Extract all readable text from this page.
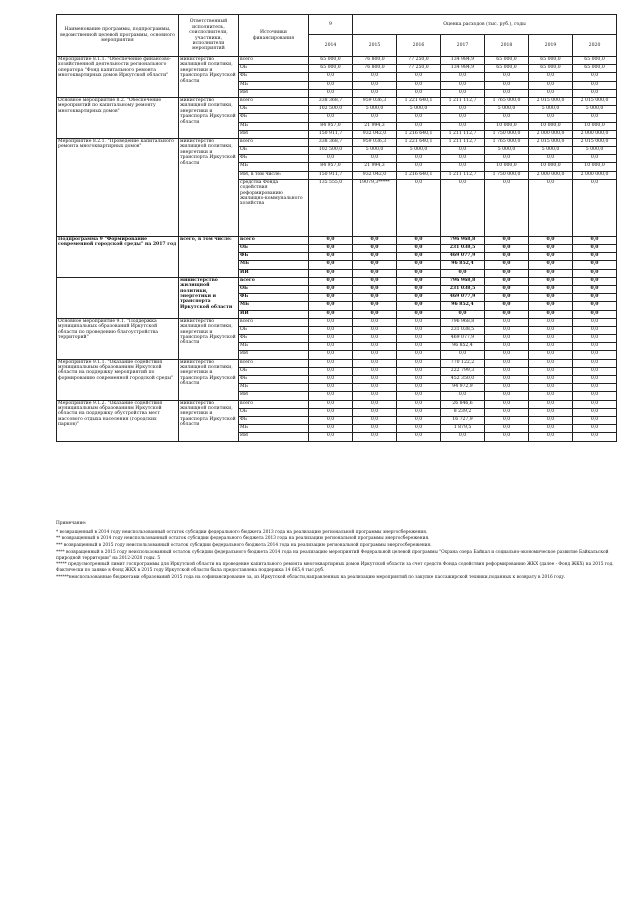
Наименование программы, подпрограммы, ведомственной целевой программы, основного мероприятия	Ответственный исполнитель, соисполнители, участники, исполнители мероприятий	Источники финансирования	9	Оценка расходов (тыс. руб.), годы					
			2014	2015	2016	2017	2018	2019	2020
Мероприятие 8.1.1. "Обеспечение финансово-хозяйственной деятельности регионального оператора "Фонд капитального ремонта многоквартирных домов Иркутской области"	министерство жилищной политики, энергетики и транспорта Иркутской области	всего	65 000,0	76 800,0	77 250,0	134 984,9	65 000,0	65 000,0	65 000,0
		ОБ	65 000,0	76 800,0	77 250,0	134 984,9	65 000,0	65 000,0	65 000,0
		ФБ	0,0	0,0	0,0	0,0	0,0	0,0	0,0
		МБ	0,0	0,0	0,0	0,0	0,0	0,0	0,0
		ИИ	0,0	0,0	0,0	0,0	0,0	0,0	0,0
Основное мероприятие 8.2. "Обеспечение мероприятий по капитальному ремонту многоквартирных домов"	министерство жилищной политики, энергетики и транспорта Иркутской области	всего	338 368,7	959 036,3	1 221 640,1	1 211 112,7	1 765 000,0	2 015 000,0	2 015 000,0
		ОБ	102 500,0	5 000,0	5 000,0	0,0	5 000,0	5 000,0	5 000,0
		ФБ	0,0	0,0	0,0	0,0	0,0	0,0	0,0
		МБ	84 957,0	21 994,3	0,0	0,0	10 000,0	10 000,0	10 000,0
		ИИ	150 911,7	932 042,0	1 216 640,1	1 211 112,7	1 750 000,0	2 000 000,0	2 000 000,0
Мероприятие 8.2.1. "Проведение капитального ремонта многоквартирных домов"	министерство жилищной политики, энергетики и транспорта Иркутской области	всего	338 368,7	959 036,3	1 221 640,1	1 211 112,7	1 765 000,0	2 015 000,0	2 015 000,0
		ОБ	102 500,0	5 000,0	5 000,0	0,0	5 000,0	5 000,0	5 000,0
		ФБ	0,0	0,0	0,0	0,0	0,0	0,0	0,0
		МБ	84 957,0	21 994,3	0,0	0,0	10 000,0	10 000,0	10 000,0
		ИИ, в том числе:	150 911,7	932 042,0	1 216 640,1	1 211 112,7	1 750 000,0	2 000 000,0	2 000 000,0
		средства Фонда содействия реформированию жилищно-коммунального хозяйства	135 555,0	19079,3*****	0,0	0,0	0,0	0,0	0,0
Подпрограмма 9 "Формирование современной городской среды" на 2017 год	всего, в том числе:	всего	0,0	0,0	0,0	796 968,8	0,0	0,0	0,0
		ОБ	0,0	0,0	0,0	231 038,5	0,0	0,0	0,0
		ФБ	0,0	0,0	0,0	469 077,9	0,0	0,0	0,0
		МБ	0,0	0,0	0,0	96 852,4	0,0	0,0	0,0
		ИИ	0,0	0,0	0,0	0,0	0,0	0,0	0,0
	министерство жилищной политики, энергетики и транспорта Иркутской области	всего	0,0	0,0	0,0	796 968,8	0,0	0,0	0,0
		ОБ	0,0	0,0	0,0	231 038,5	0,0	0,0	0,0
		ФБ	0,0	0,0	0,0	469 077,9	0,0	0,0	0,0
		МБ	0,0	0,0	0,0	96 852,4	0,0	0,0	0,0
		ИИ	0,0	0,0	0,0	0,0	0,0	0,0	0,0
Основное мероприятие 9.1. "Поддержка муниципальных образований Иркутской области по проведению благоустройства территорий"	министерство жилищной политики, энергетики и транспорта Иркутской области	всего	0,0	0,0	0,0	796 968,8	0,0	0,0	0,0
		ОБ	0,0	0,0	0,0	231 038,5	0,0	0,0	0,0
		ФБ	0,0	0,0	0,0	469 077,9	0,0	0,0	0,0
		МБ	0,0	0,0	0,0	96 852,4	0,0	0,0	0,0
		ИИ	0,0	0,0	0,0	0,0	0,0	0,0	0,0
Мероприятие 9.1.1. "Оказание содействия муниципальным образованиям Иркутской области на поддержку мероприятий по формированию современной городской среды"	министерство жилищной политики, энергетики и транспорта Иркутской области	всего	0,0	0,0	0,0	770 122,2	0,0	0,0	0,0
		ОБ	0,0	0,0	0,0	222 799,3	0,0	0,0	0,0
		ФБ	0,0	0,0	0,0	452 350,0	0,0	0,0	0,0
		МБ	0,0	0,0	0,0	94 972,9	0,0	0,0	0,0
		ИИ	0,0	0,0	0,0	0,0	0,0	0,0	0,0
Мероприятие 9.1.2. "Оказание содействия муниципальным образованиям Иркутской области на поддержку обустройства мест массового отдыха населения (городских парков)"	министерство жилищной политики, энергетики и транспорта Иркутской области	всего	0,0	0,0	0,0	26 846,6	0,0	0,0	0,0
		ОБ	0,0	0,0	0,0	8 239,2	0,0	0,0	0,0
		ФБ	0,0	0,0	0,0	16 727,9	0,0	0,0	0,0
		МБ	0,0	0,0	0,0	1 879,5	0,0	0,0	0,0
		ИИ	0,0	0,0	0,0	0,0	0,0	0,0	0,0

Примечание:

* возвращенный в 2014 году неиспользованный остаток субсидии федерального бюджета 2013 года на реализацию региональной программы энергосбережения.

** возвращенный в 2014 году неиспользованный остаток субсидии федерального бюджета 2013 года на реализацию региональной программы энергосбережения.

*** возвращенный в 2015 году неиспользованный остаток субсидии федерального бюджета 2014 года на реализацию региональной программы энергосбережения.

**** возвращенный в 2015 году неиспользованный остаток субсидии федерального бюджета 2014 года на реализацию мероприятий Федеральной целевой программы "Охрана озера Байкал и социально-экономическое развитие Байкальской природной территории" на 2012-2020 годы. 5

***** предусмотренный лимит госпрограммы для Иркутской области на проведение капитального ремонта многоквартирных домов Иркутской области за счет средств Фонда содействия реформированию ЖКХ (далее - Фонд ЖКХ) на 2015 год. Фактически по заявке в Фонд ЖКХ в 2015 году Иркутской области была предоставлена поддержка 14 665,4 тыс.руб.

******неиспользованные бюджетами образований 2015 года на софинансирование за, из Иркутской области,направленных на реализацию мероприятий по закупке пассажирской техники,поданных к возврату в 2016 году.
